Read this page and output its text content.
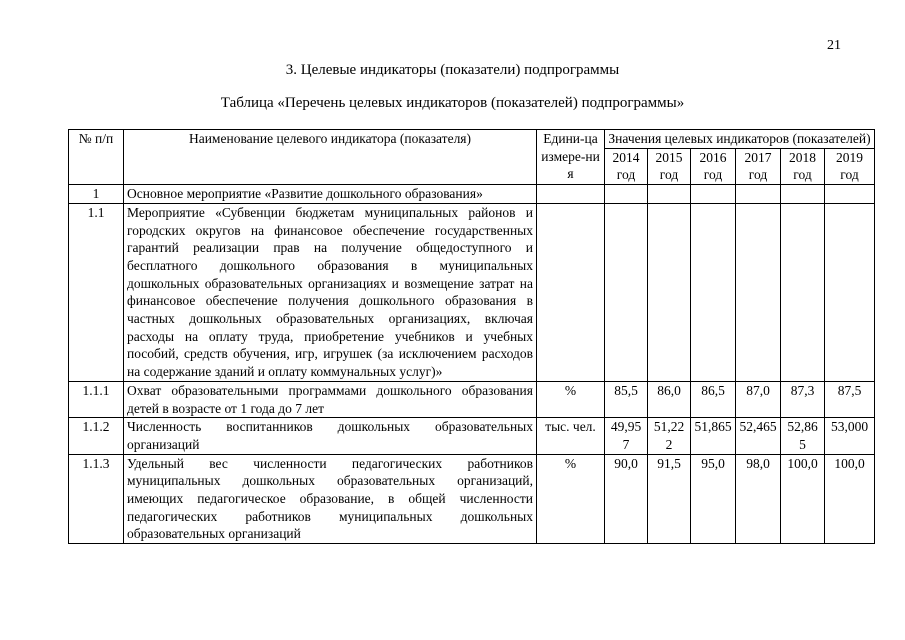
21
3. Целевые индикаторы (показатели) подпрограммы
Таблица «Перечень целевых индикаторов (показателей) подпрограммы»
№ п/п	Наименование целевого индикатора (показателя)	Едини-ца измере-ния	Значения целевых индикаторов (показателей)					
			2014 год	2015 год	2016 год	2017 год	2018 год	2019 год
1	Основное мероприятие «Развитие дошкольного образования»							
1.1	Мероприятие «Субвенции бюджетам муниципальных районов и городских округов на финансовое обеспечение государственных гарантий реализации прав на получение общедоступного и бесплатного дошкольного образования в муниципальных дошкольных образовательных организациях и возмещение затрат на финансовое обеспечение получения дошкольного образования в частных дошкольных образовательных организациях, включая расходы на оплату труда, приобретение учебников и учебных пособий, средств обучения, игр, игрушек (за исключением расходов на содержание зданий и оплату коммунальных услуг)»							
1.1.1	Охват образовательными программами дошкольного образования детей в возрасте от 1 года до 7 лет	%	85,5	86,0	86,5	87,0	87,3	87,5
1.1.2	Численность воспитанников дошкольных образовательных организаций	тыс. чел.	49,957	51,222	51,865	52,465	52,865	53,000
1.1.3	Удельный вес численности педагогических работников муниципальных дошкольных образовательных организаций, имеющих педагогическое образование, в общей численности педагогических работников муниципальных дошкольных образовательных организаций	%	90,0	91,5	95,0	98,0	100,0	100,0
